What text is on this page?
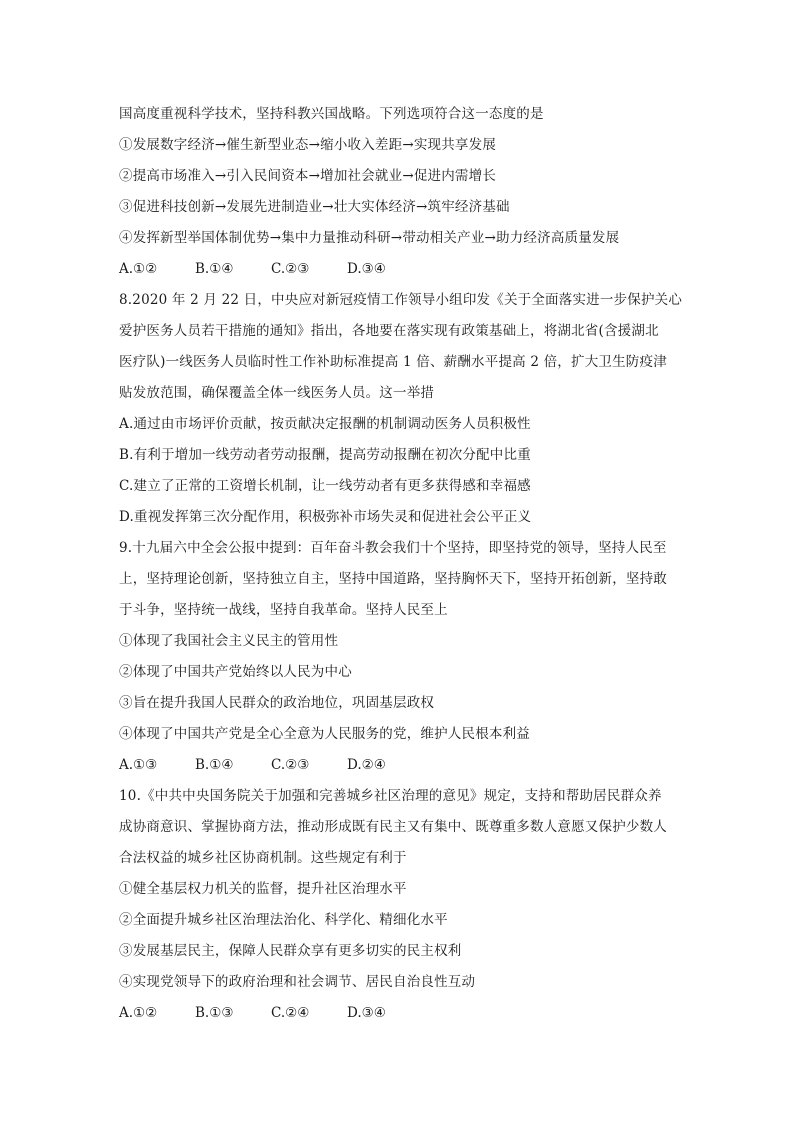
国高度重视科学技术，坚持科教兴国战略。下列选项符合这一态度的是
①发展数字经济→催生新型业态→缩小收入差距→实现共享发展
②提高市场准入→引入民间资本→增加社会就业→促进内需增长
③促进科技创新→发展先进制造业→壮大实体经济→筑牢经济基础
④发挥新型举国体制优势→集中力量推动科研→带动相关产业→助力经济高质量发展
A.①②	B.①④	C.②③	D.③④
8.2020 年 2 月 22 日，中央应对新冠疫情工作领导小组印发《关于全面落实进一步保护关心
爱护医务人员若干措施的通知》指出，各地要在落实现有政策基础上，将湖北省(含援湖北
医疗队)一线医务人员临时性工作补助标准提高 1 倍、薪酬水平提高 2 倍，扩大卫生防疫津
贴发放范围，确保覆盖全体一线医务人员。这一举措
A.通过由市场评价贡献，按贡献决定报酬的机制调动医务人员积极性
B.有利于增加一线劳动者劳动报酬，提高劳动报酬在初次分配中比重
C.建立了正常的工资增长机制，让一线劳动者有更多获得感和幸福感
D.重视发挥第三次分配作用，积极弥补市场失灵和促进社会公平正义
9.十九届六中全会公报中提到：百年奋斗教会我们十个坚持，即坚持党的领导，坚持人民至
上，坚持理论创新，坚持独立自主，坚持中国道路，坚持胸怀天下，坚持开拓创新，坚持敢
于斗争，坚持统一战线，坚持自我革命。坚持人民至上
①体现了我国社会主义民主的管用性
②体现了中国共产党始终以人民为中心
③旨在提升我国人民群众的政治地位，巩固基层政权
④体现了中国共产党是全心全意为人民服务的党，维护人民根本利益
A.①③	B.①④	C.②③	D.②④
10.《中共中央国务院关于加强和完善城乡社区治理的意见》规定，支持和帮助居民群众养
成协商意识、掌握协商方法，推动形成既有民主又有集中、既尊重多数人意愿又保护少数人
合法权益的城乡社区协商机制。这些规定有利于
①健全基层权力机关的监督，提升社区治理水平
②全面提升城乡社区治理法治化、科学化、精细化水平
③发展基层民主，保障人民群众享有更多切实的民主权利
④实现党领导下的政府治理和社会调节、居民自治良性互动
A.①②	B.①③	C.②④	D.③④
